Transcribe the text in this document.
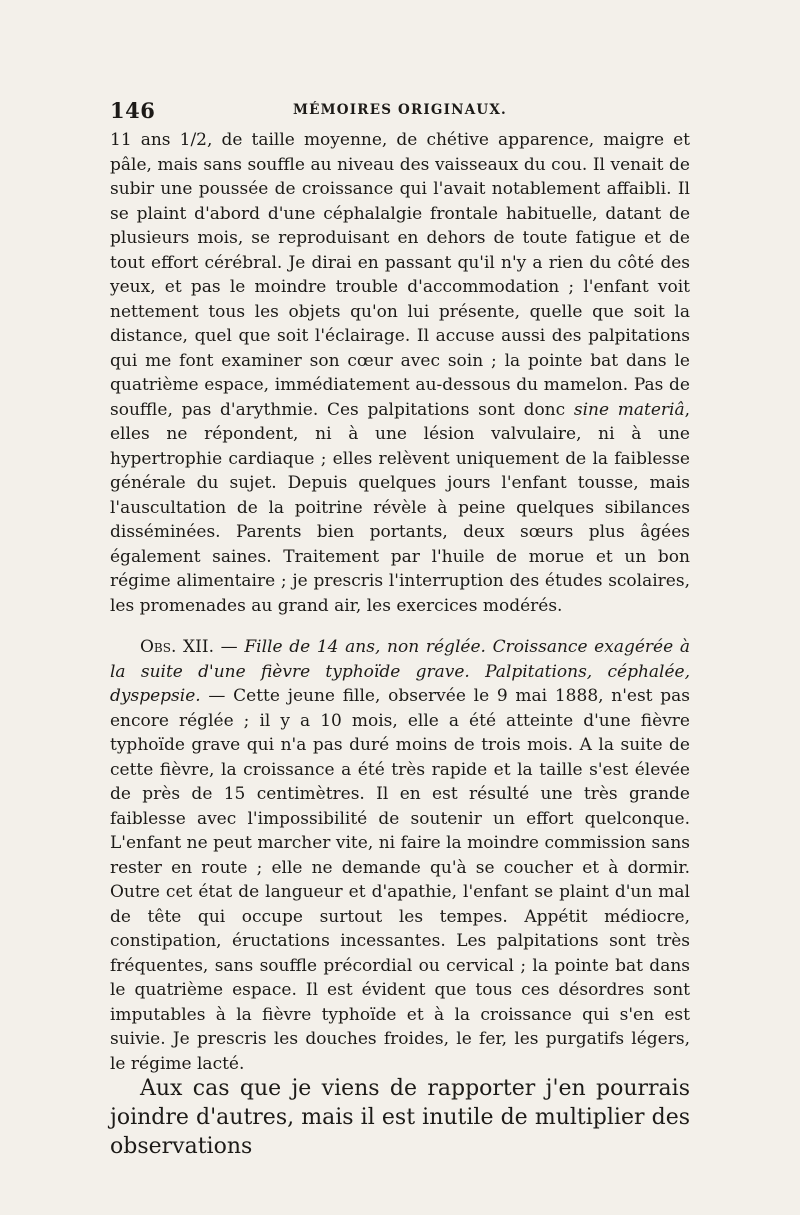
146	MÉMOIRES ORIGINAUX.

11 ans 1/2, de taille moyenne, de chétive apparence, maigre et pâle, mais sans souffle au niveau des vaisseaux du cou. Il venait de subir une poussée de croissance qui l'avait notablement affaibli. Il se plaint d'abord d'une céphalalgie frontale habituelle, datant de plusieurs mois, se reproduisant en dehors de toute fatigue et de tout effort cérébral. Je dirai en passant qu'il n'y a rien du côté des yeux, et pas le moindre trouble d'accommodation ; l'enfant voit nettement tous les objets qu'on lui présente, quelle que soit la distance, quel que soit l'éclairage. Il accuse aussi des palpitations qui me font examiner son cœur avec soin ; la pointe bat dans le quatrième espace, immédiatement au-dessous du mamelon. Pas de souffle, pas d'arythmie. Ces palpitations sont donc sine materiâ, elles ne répondent, ni à une lésion valvulaire, ni à une hypertrophie cardiaque ; elles relèvent uniquement de la faiblesse générale du sujet. Depuis quelques jours l'enfant tousse, mais l'auscultation de la poitrine révèle à peine quelques sibilances disséminées. Parents bien portants, deux sœurs plus âgées également saines. Traitement par l'huile de morue et un bon régime alimentaire ; je prescris l'interruption des études scolaires, les promenades au grand air, les exercices modérés.

Obs. XII. — Fille de 14 ans, non réglée. Croissance exagérée à la suite d'une fièvre typhoïde grave. Palpitations, céphalée, dyspepsie. — Cette jeune fille, observée le 9 mai 1888, n'est pas encore réglée ; il y a 10 mois, elle a été atteinte d'une fièvre typhoïde grave qui n'a pas duré moins de trois mois. A la suite de cette fièvre, la croissance a été très rapide et la taille s'est élevée de près de 15 centimètres. Il en est résulté une très grande faiblesse avec l'impossibilité de soutenir un effort quelconque. L'enfant ne peut marcher vite, ni faire la moindre commission sans rester en route ; elle ne demande qu'à se coucher et à dormir. Outre cet état de langueur et d'apathie, l'enfant se plaint d'un mal de tête qui occupe surtout les tempes. Appétit médiocre, constipation, éructations incessantes. Les palpitations sont très fréquentes, sans souffle précordial ou cervical ; la pointe bat dans le quatrième espace. Il est évident que tous ces désordres sont imputables à la fièvre typhoïde et à la croissance qui s'en est suivie. Je prescris les douches froides, le fer, les purgatifs légers, le régime lacté.

Aux cas que je viens de rapporter j'en pourrais joindre d'autres, mais il est inutile de multiplier des observations
